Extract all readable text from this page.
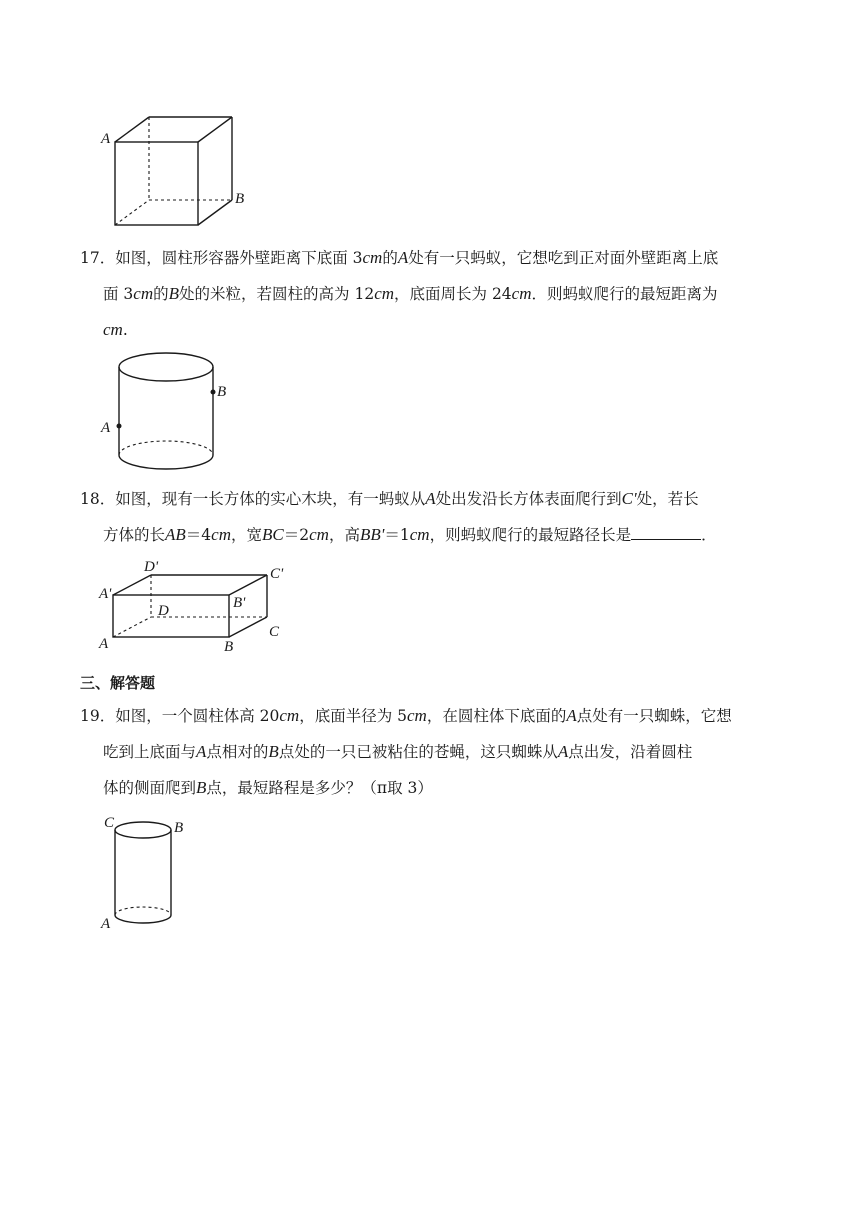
A
B
17．如图，圆柱形容器外壁距离下底面 3cm的A处有一只蚂蚁，它想吃到正对面外壁距离上底
面 3cm的B处的米粒，若圆柱的高为 12cm，底面周长为 24cm．则蚂蚁爬行的最短距离为
cm.
A
B
18．如图，现有一长方体的实心木块，有一蚂蚁从A处出发沿长方体表面爬行到C'处，若长
方体的长AB＝4cm，宽BC＝2cm，高BB'＝1cm，则蚂蚁爬行的最短路径长是	．
A'
D'	C'
B'
D
A	B
C
三、解答题
19．如图，一个圆柱体高 20cm，底面半径为 5cm，在圆柱体下底面的A点处有一只蜘蛛，它想
吃到上底面与A点相对的B点处的一只已被粘住的苍蝇，这只蜘蛛从A点出发，沿着圆柱
体的侧面爬到B点，最短路程是多少？（π取 3）
C	B
A
